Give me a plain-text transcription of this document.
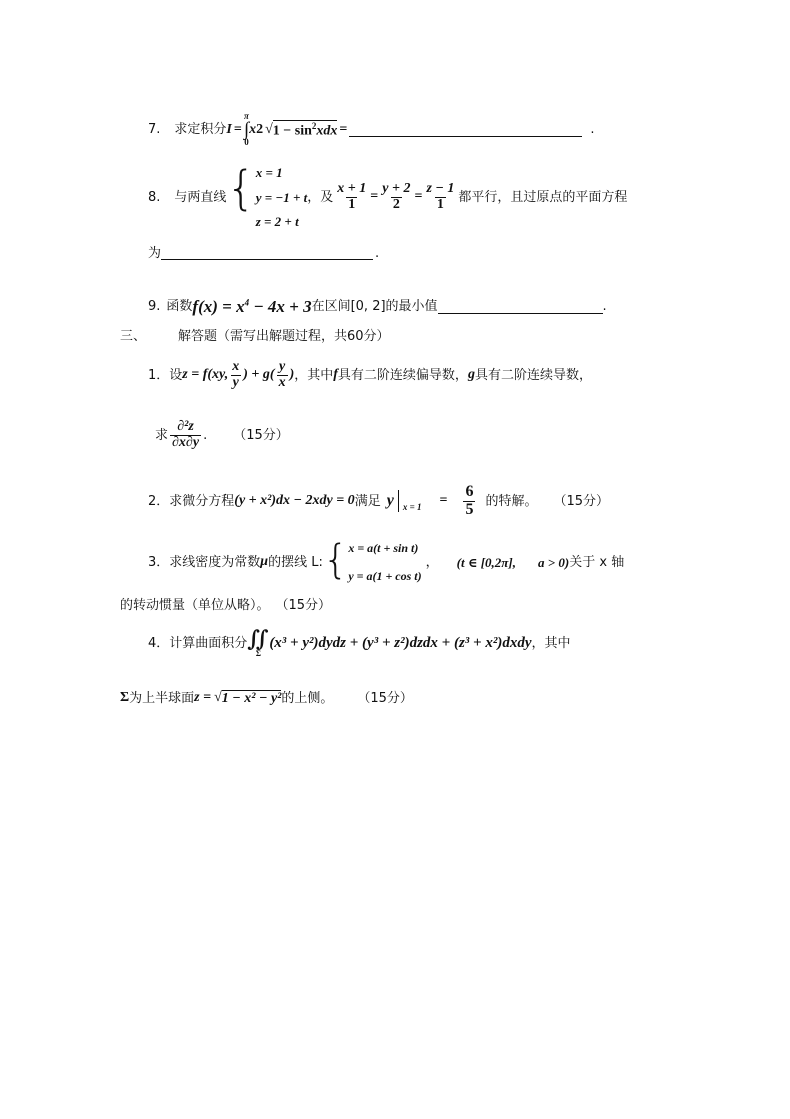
7. 求定积分 I =
π
∫
0
x 2 √ $1 - \sin^2xdx$ =	.
8. 与两直线 { x = 1
y = −1 + t
z = 2 + t
，及 $\frac{x + 1}{1} = \frac{y + 2}{2} = \frac{z - 1}{1}$ 都平行，且过原点的平面方程
为	.
9. 函数 $f(x) = x^4 - 4x + 3$ 在区间[0, 2]的最小值	.
三、 解答题（需写出解题过程，共60分）
1． 设 z = f(xy, $\frac{x}{y}$ ) + $g( \frac{y}{x}$ ) ，其中 f 具有二阶连续偏导数， g 具有二阶连续导数，
求 $\frac{\text{∂²z}}{\partial x\partial y}$ . （15分）
2． 求微分方程 (y + x²)dx − 2xdy = 0 满足 y $x = 1 = \frac{6}{5}$ 的特解。 （15分）
3． 求线密度为常数 μ 的摆线 L: { x = a(t + sin t)
y = a(1 + cos t)
， (t ∈ [0,2π], a > 0) 关于 x 轴
的转动惯量（单位从略）。 （15分）
4． 计算曲面积分 ∬
Σ
(x³ + y²)dydz + (y³ + z²)dzdx + (z³ + x²)dxdy ，其中
Σ 为上半球面 z = √ 1 − x² − y² 的上侧。 （15分）
